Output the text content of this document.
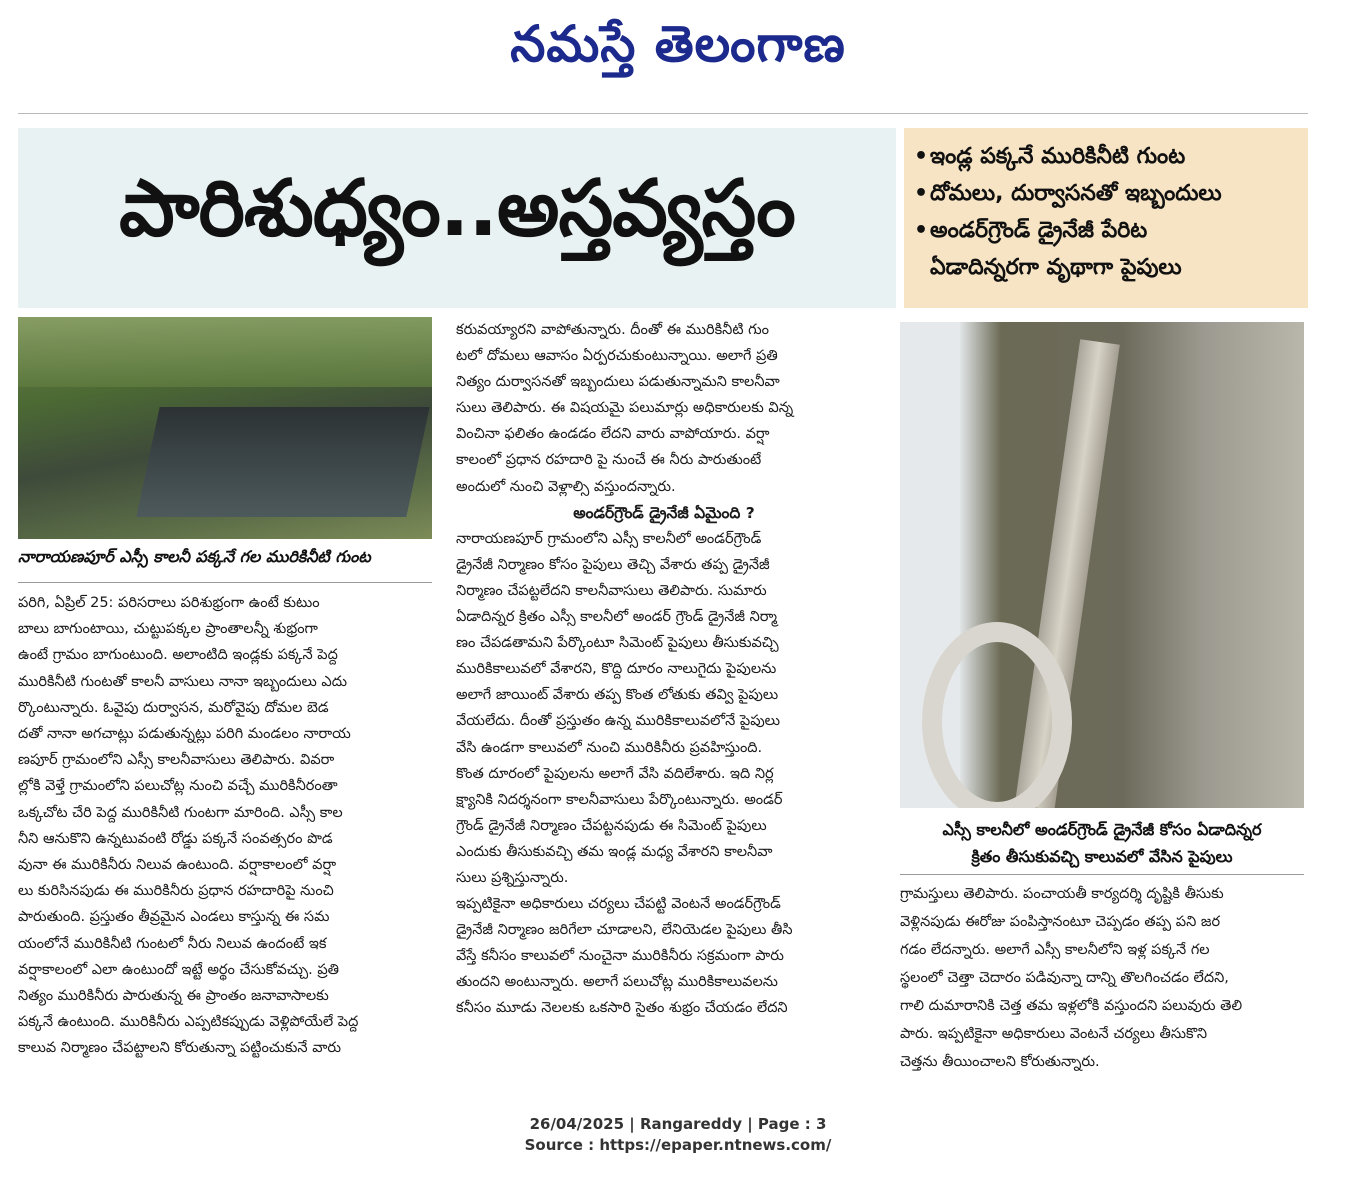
నమస్తే తెలంగాణ
పారిశుధ్యం..అస్తవ్యస్తం
•ఇండ్ల పక్కనే మురికినీటి గుంట
•దోమలు, దుర్వాసనతో ఇబ్బందులు
•అండర్‌గ్రౌండ్ డ్రైనేజీ పేరిట
ఏడాదిన్నరగా వృథాగా పైపులు
నారాయణపూర్ ఎస్సీ కాలనీ పక్కనే గల మురికినీటి గుంట
పరిగి, ఏప్రిల్ 25: పరిసరాలు పరిశుభ్రంగా ఉంటే కుటుం
బాలు బాగుంటాయి, చుట్టుపక్కల ప్రాంతాలన్నీ శుభ్రంగా
ఉంటే గ్రామం బాగుంటుంది. అలాంటిది ఇండ్లకు పక్కనే పెద్ద
మురికినీటి గుంటతో కాలనీ వాసులు నానా ఇబ్బందులు ఎదు
ర్కొంటున్నారు. ఓవైపు దుర్వాసన, మరోవైపు దోమల బెడ
దతో నానా అగచాట్లు పడుతున్నట్లు పరిగి మండలం నారాయ
ణపూర్ గ్రామంలోని ఎస్సీ కాలనీవాసులు తెలిపారు. వివరా
ల్లోకి వెళ్తే గ్రామంలోని పలుచోట్ల నుంచి వచ్చే మురికినీరంతా
ఒక్కచోట చేరి పెద్ద మురికినీటి గుంటగా మారింది. ఎస్సీ కాల
నీని ఆనుకొని ఉన్నటువంటి రోడ్డు పక్కనే సంవత్సరం పొడ
వునా ఈ మురికినీరు నిలువ ఉంటుంది. వర్షాకాలంలో వర్షా
లు కురిసినపుడు ఈ మురికినీరు ప్రధాన రహదారిపై నుంచి
పారుతుంది. ప్రస్తుతం తీవ్రమైన ఎండలు కాస్తున్న ఈ సమ
యంలోనే మురికినీటి గుంటలో నీరు నిలువ ఉందంటే ఇక
వర్షాకాలంలో ఎలా ఉంటుందో ఇట్టే అర్థం చేసుకోవచ్చు. ప్రతి
నిత్యం మురికినీరు పారుతున్న ఈ ప్రాంతం జనావాసాలకు
పక్కనే ఉంటుంది. మురికినీరు ఎప్పటికప్పుడు వెళ్లిపోయేలే పెద్ద
కాలువ నిర్మాణం చేపట్టాలని కోరుతున్నా పట్టించుకునే వారు
కరువయ్యారని వాపోతున్నారు. దీంతో ఈ మురికినీటి గుం
టలో దోమలు ఆవాసం ఏర్పరచుకుంటున్నాయి. అలాగే ప్రతి
నిత్యం దుర్వాసనతో ఇబ్బందులు పడుతున్నామని కాలనీవా
సులు తెలిపారు. ఈ విషయమై పలుమార్లు అధికారులకు విన్న
వించినా ఫలితం ఉండడం లేదని వారు వాపోయారు. వర్షా
కాలంలో ప్రధాన రహదారి పై నుంచే ఈ నీరు పారుతుంటే
అందులో నుంచి వెళ్లాల్సి వస్తుందన్నారు.
అండర్‌గ్రౌండ్ డ్రైనేజీ ఏమైంది ?
నారాయణపూర్ గ్రామంలోని ఎస్సీ కాలనీలో అండర్‌గ్రౌండ్
డ్రైనేజీ నిర్మాణం కోసం పైపులు తెచ్చి వేశారు తప్ప డ్రైనేజీ
నిర్మాణం చేపట్టలేదని కాలనీవాసులు తెలిపారు. సుమారు
ఏడాదిన్నర క్రితం ఎస్సీ కాలనీలో అండర్ గ్రౌండ్ డ్రైనేజీ నిర్మా
ణం చేపడతామని పేర్కొంటూ సిమెంట్ పైపులు తీసుకువచ్చి
మురికికాలువలో వేశారని, కొద్ది దూరం నాలుగైదు పైపులను
అలాగే జాయింట్ వేశారు తప్ప కొంత లోతుకు తవ్వి పైపులు
వేయలేదు. దీంతో ప్రస్తుతం ఉన్న మురికికాలువలోనే పైపులు
వేసి ఉండగా కాలువలో నుంచి మురికినీరు ప్రవహిస్తుంది.
కొంత దూరంలో పైపులను అలాగే వేసి వదిలేశారు. ఇది నిర్ల
క్ష్యానికి నిదర్శనంగా కాలనీవాసులు పేర్కొంటున్నారు. అండర్
గ్రౌండ్ డ్రైనేజీ నిర్మాణం చేపట్టనపుడు ఈ సిమెంట్ పైపులు
ఎందుకు తీసుకువచ్చి తమ ఇండ్ల మధ్య వేశారని కాలనీవా
సులు ప్రశ్నిస్తున్నారు.
ఇప్పటికైనా అధికారులు చర్యలు చేపట్టి వెంటనే అండర్‌గ్రౌండ్
డ్రైనేజీ నిర్మాణం జరిగేలా చూడాలని, లేనియెడల పైపులు తీసి
వేస్తే కనీసం కాలువలో నుంచైనా మురికినీరు సక్రమంగా పారు
తుందని అంటున్నారు. అలాగే పలుచోట్ల మురికికాలువలను
కనీసం మూడు నెలలకు ఒకసారి సైతం శుభ్రం చేయడం లేదని
ఎస్సీ కాలనీలో అండర్‌గ్రౌండ్ డ్రైనేజీ కోసం ఏడాదిన్నర
క్రితం తీసుకువచ్చి కాలువలో వేసిన పైపులు
గ్రామస్తులు తెలిపారు. పంచాయతీ కార్యదర్శి దృష్టికి తీసుకు
వెళ్లినపుడు ఈరోజు పంపిస్తానంటూ చెప్పడం తప్ప పని జర
గడం లేదన్నారు. అలాగే ఎస్సీ కాలనీలోని ఇళ్ల పక్కనే గల
స్థలంలో చెత్తా చెదారం పడివున్నా దాన్ని తొలగించడం లేదని,
గాలి దుమారానికి చెత్త తమ ఇళ్లలోకి వస్తుందని పలువురు తెలి
పారు. ఇప్పటికైనా అధికారులు వెంటనే చర్యలు తీసుకొని
చెత్తను తీయించాలని కోరుతున్నారు.
26/04/2025 | Rangareddy | Page : 3
Source : https://epaper.ntnews.com/
